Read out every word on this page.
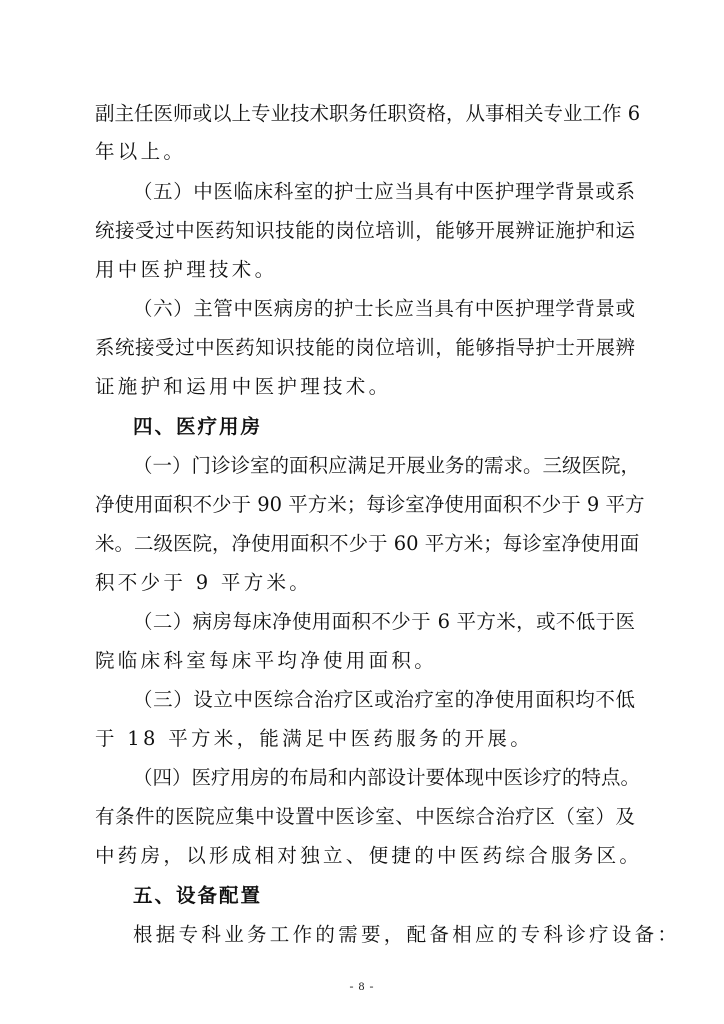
副主任医师或以上专业技术职务任职资格，从事相关专业工作 6
年以上。
（五）中医临床科室的护士应当具有中医护理学背景或系
统接受过中医药知识技能的岗位培训，能够开展辨证施护和运
用中医护理技术。
（六）主管中医病房的护士长应当具有中医护理学背景或
系统接受过中医药知识技能的岗位培训，能够指导护士开展辨
证施护和运用中医护理技术。
四、医疗用房
（一）门诊诊室的面积应满足开展业务的需求。三级医院，
净使用面积不少于 90 平方米；每诊室净使用面积不少于 9 平方
米。二级医院，净使用面积不少于 60 平方米；每诊室净使用面
积不少于 9 平方米。
（二）病房每床净使用面积不少于 6 平方米，或不低于医
院临床科室每床平均净使用面积。
（三）设立中医综合治疗区或治疗室的净使用面积均不低
于 18 平方米，能满足中医药服务的开展。
（四）医疗用房的布局和内部设计要体现中医诊疗的特点。
有条件的医院应集中设置中医诊室、中医综合治疗区（室）及
中药房，以形成相对独立、便捷的中医药综合服务区。
五、设备配置
根据专科业务工作的需要，配备相应的专科诊疗设备：
- 8 -
